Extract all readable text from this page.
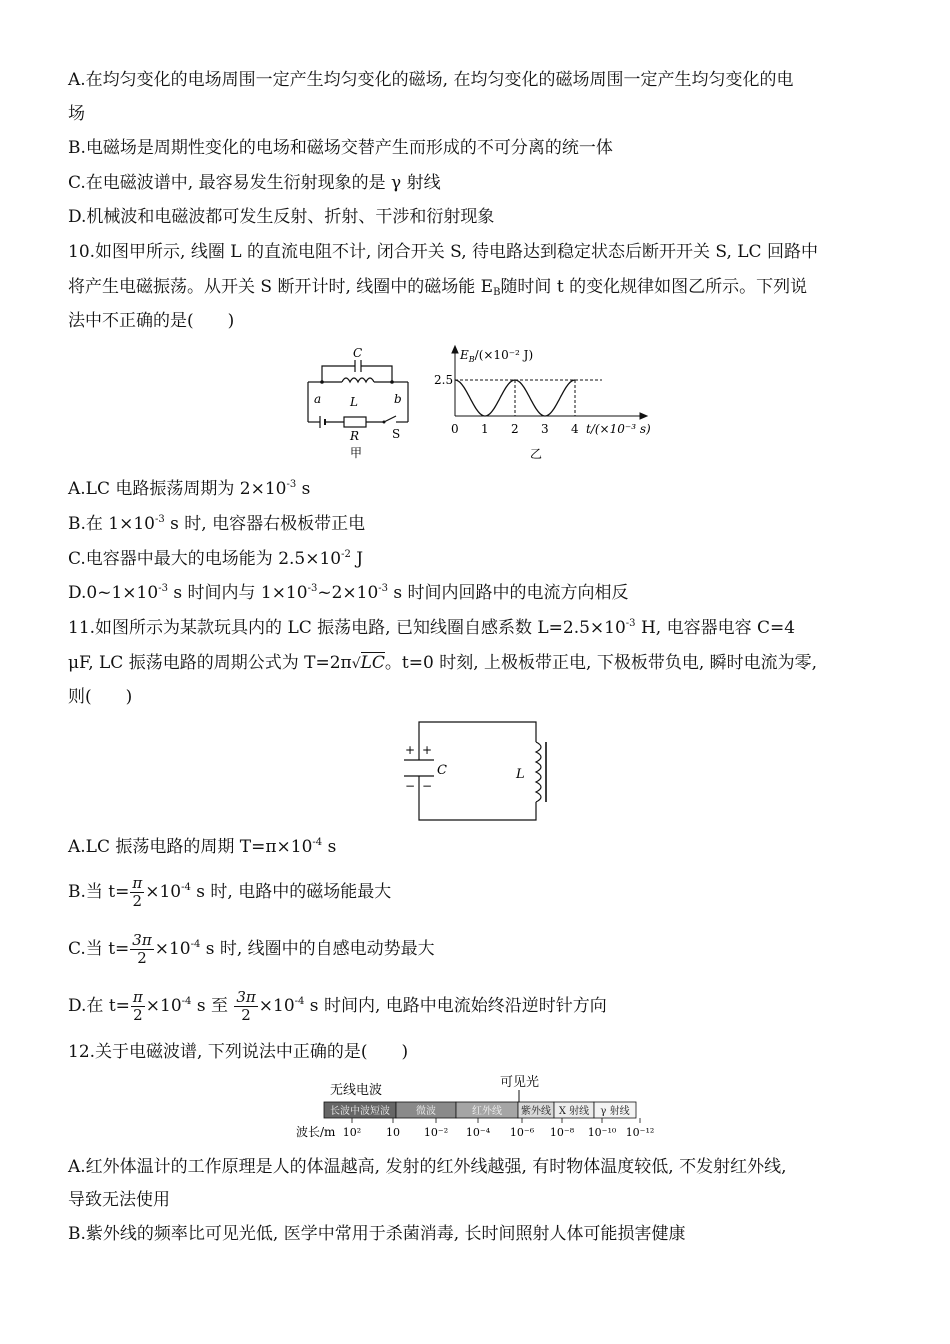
A.在均匀变化的电场周围一定产生均匀变化的磁场, 在均匀变化的磁场周围一定产生均匀变化的电
场
B.电磁场是周期性变化的电场和磁场交替产生而形成的不可分离的统一体
C.在电磁波谱中, 最容易发生衍射现象的是 γ 射线
D.机械波和电磁波都可发生反射、折射、干涉和衍射现象
10.如图甲所示, 线圈 L 的直流电阻不计, 闭合开关 S, 待电路达到稳定状态后断开开关 S, LC 回路中
将产生电磁振荡。从开关 S 断开计时, 线圈中的磁场能 $E_B$随时间 t 的变化规律如图乙所示。下列说
法中不正确的是(　　)
C
L
a	b
R	S
甲
$E_B/(\times 10^{-2}$ J)
2.5
0 1 2 3 4 t/(×10⁻³ s)
乙
A.LC 电路振荡周期为 $2\times 10^{-3}$ s
B.在 $1\times 10^{-3}$ s 时, 电容器右极板带正电
C.电容器中最大的电场能为 $2.5\times 10^{-2}$ J
$D.0\sim 1\times 10^{-3}$ s 时间内与 $1\times 10^{-3}\sim 2\times 10^{-3}$ s 时间内回路中的电流方向相反
11.如图所示为某款玩具内的 LC 振荡电路, 已知线圈自感系数 $L=2.5\times 10^{-3}$ H, 电容器电容 C=4
μF, LC 振荡电路的周期公式为 T=2π√LC。t=0 时刻, 上极板带正电, 下极板带负电, 瞬时电流为零,
则(　　)
+ +
− −
C	L
A.LC 振荡电路的周期 $T=\pi\times 10^{-4}$ s
B.当 $t= \frac{\pi}{2} \times 10^{-4}$ s 时, 电路中的磁场能最大
C.当 $t= \frac{3\pi}{2} \times 10^{-4}$ s 时, 线圈中的自感电动势最大
D.在 $t= \frac{\pi}{2} \times 10^{-4}$ s 至 $\frac{3\pi}{2} \times 10^{-4}$ s 时间内, 电路中电流始终沿逆时针方向
12.关于电磁波谱, 下列说法中正确的是(　　)
无线电波
可见光
长波中波短波	微波	红外线 紫外线 X 射线 γ 射线
波长/m 10² 10 10⁻² 10⁻⁴ 10⁻⁶ 10⁻⁸ 10⁻¹⁰ 10⁻¹²
A.红外体温计的工作原理是人的体温越高, 发射的红外线越强, 有时物体温度较低, 不发射红外线,
导致无法使用
B.紫外线的频率比可见光低, 医学中常用于杀菌消毒, 长时间照射人体可能损害健康
